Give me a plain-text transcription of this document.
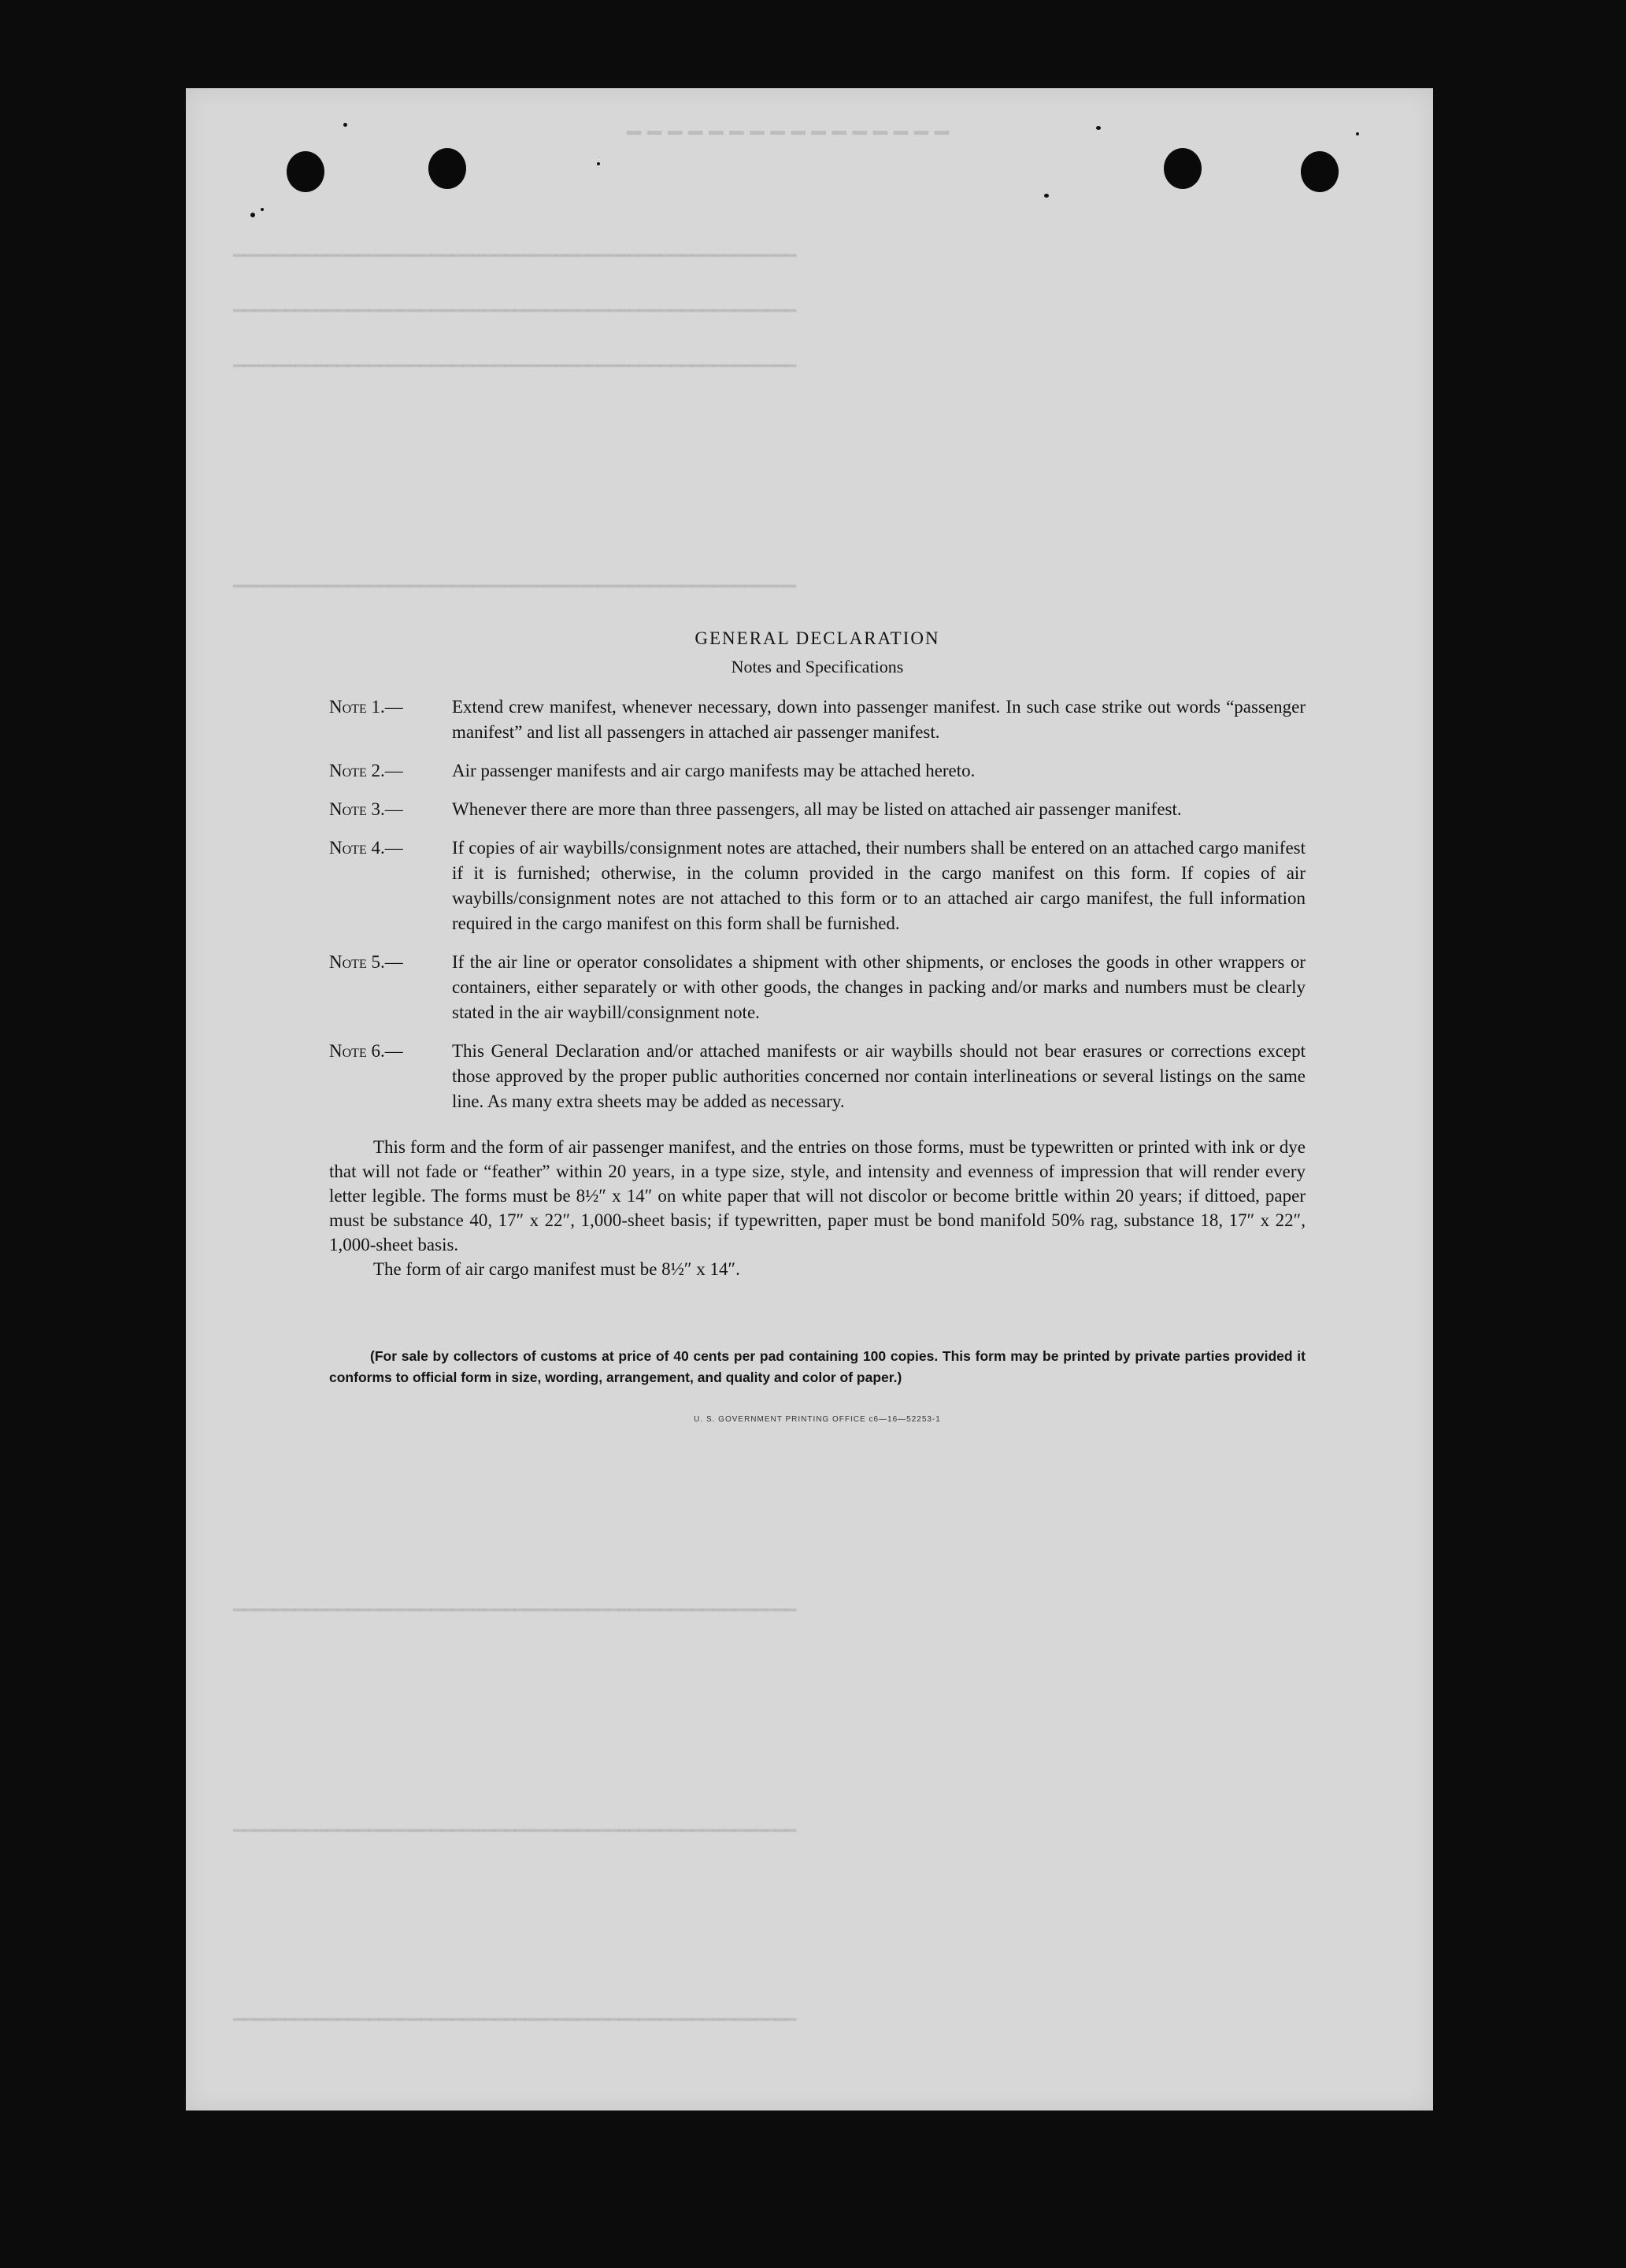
━━━━━━━━━━━━━━━━
━━━━━━━━━━━━━━━━━━━━━━━━━━━━━━━━━━━━━━━━━━━━━━━━━━━━━━
━━━━━━━━━━━━━━━━━━━━━━━━━━━━━━━━━━━━━━━━━━━━━━━━━━━━━━
━━━━━━━━━━━━━━━━━━━━━━━━━━━━━━━━━━━━━━━━━━━━━━━━━━━━━━
━━━━━━━━━━━━━━━━━━━━━━━━━━━━━━━━━━━━━━━━━━━━━━━━━━━━━━
━━━━━━━━━━━━━━━━━━━━━━━━━━━━━━━━━━━━━━━━━━━━━━━━━━━━━━
━━━━━━━━━━━━━━━━━━━━━━━━━━━━━━━━━━━━━━━━━━━━━━━━━━━━━━
━━━━━━━━━━━━━━━━━━━━━━━━━━━━━━━━━━━━━━━━━━━━━━━━━━━━━━
GENERAL DECLARATION
Notes and Specifications
Note 1.—	Extend crew manifest, whenever necessary, down into passenger manifest. In such case strike out words “passenger manifest” and list all passengers in attached air passenger manifest.
Note 2.—	Air passenger manifests and air cargo manifests may be attached hereto.
Note 3.—	Whenever there are more than three passengers, all may be listed on attached air passenger manifest.
Note 4.—	If copies of air waybills/consignment notes are attached, their numbers shall be entered on an attached cargo manifest if it is furnished; otherwise, in the column provided in the cargo manifest on this form. If copies of air waybills/consignment notes are not attached to this form or to an attached air cargo manifest, the full information required in the cargo manifest on this form shall be furnished.
Note 5.—	If the air line or operator consolidates a shipment with other shipments, or encloses the goods in other wrappers or containers, either separately or with other goods, the changes in packing and/or marks and numbers must be clearly stated in the air waybill/consignment note.
Note 6.—	This General Declaration and/or attached manifests or air waybills should not bear erasures or corrections except those approved by the proper public authorities concerned nor contain interlineations or several listings on the same line. As many extra sheets may be added as necessary.

This form and the form of air passenger manifest, and the entries on those forms, must be typewritten or printed with ink or dye that will not fade or “feather” within 20 years, in a type size, style, and intensity and evenness of impression that will render every letter legible. The forms must be 8½″ x 14″ on white paper that will not discolor or become brittle within 20 years; if dittoed, paper must be substance 40, 17″ x 22″, 1,000-sheet basis; if typewritten, paper must be bond manifold 50% rag, substance 18, 17″ x 22″, 1,000-sheet basis.

The form of air cargo manifest must be 8½″ x 14″.

(For sale by collectors of customs at price of 40 cents per pad containing 100 copies. This form may be printed by private parties provided it conforms to official form in size, wording, arrangement, and quality and color of paper.)

U. S. GOVERNMENT PRINTING OFFICE c6—16—52253-1
